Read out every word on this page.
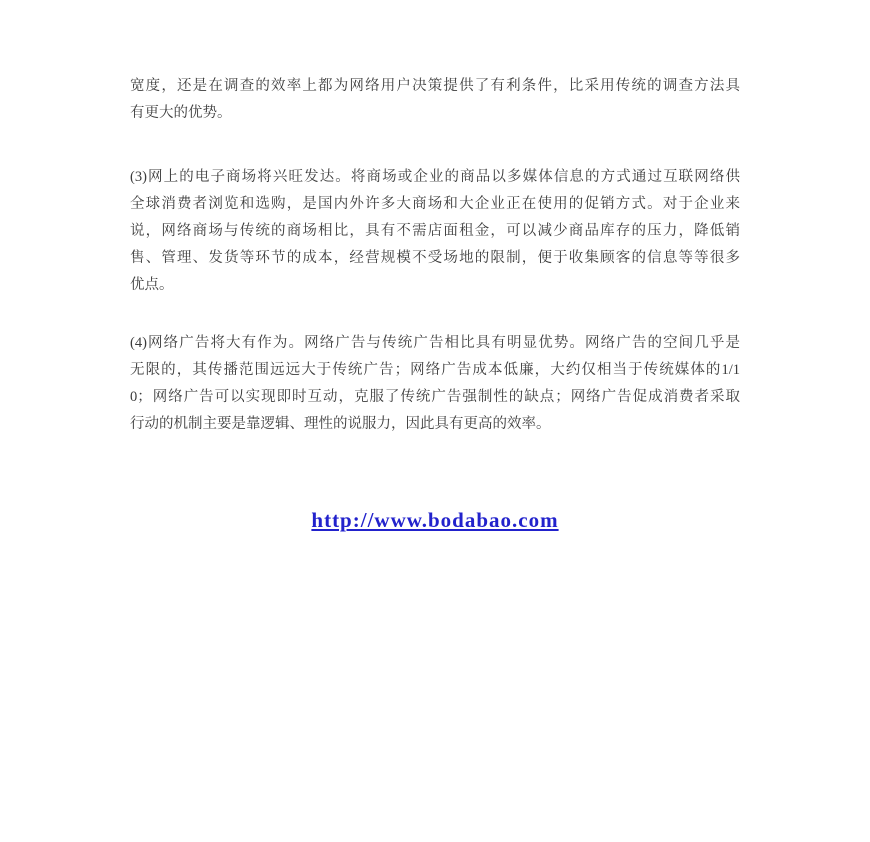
宽度，还是在调查的效率上都为网络用户决策提供了有利条件，比采用传统的调查方法具
有更大的优势。
(3)网上的电子商场将兴旺发达。将商场或企业的商品以多媒体信息的方式通过互联网络供
全球消费者浏览和选购，是国内外许多大商场和大企业正在使用的促销方式。对于企业来
说，网络商场与传统的商场相比，具有不需店面租金，可以减少商品库存的压力，降低销
售、管理、发货等环节的成本，经营规模不受场地的限制，便于收集顾客的信息等等很多
优点。
(4)网络广告将大有作为。网络广告与传统广告相比具有明显优势。网络广告的空间几乎是
无限的，其传播范围远远大于传统广告；网络广告成本低廉，大约仅相当于传统媒体的1/1
0；网络广告可以实现即时互动，克服了传统广告强制性的缺点；网络广告促成消费者采取
行动的机制主要是靠逻辑、理性的说服力，因此具有更高的效率。
http://www.bodabao.com
